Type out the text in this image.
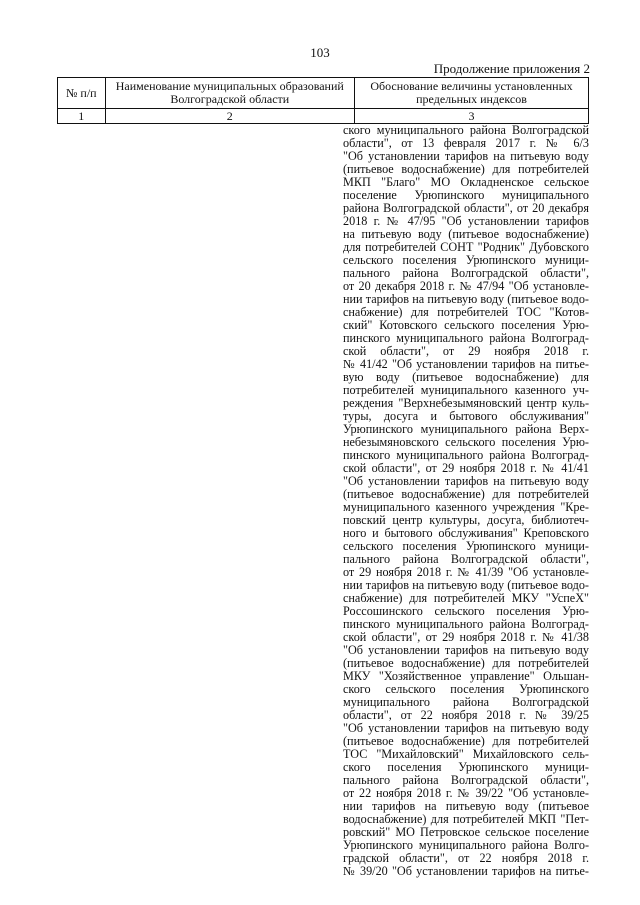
103
Продолжение приложения 2
№ п/п	Наименование муниципальных образований Волгоградской области	Обоснование величины установленных предельных индексов
1	2	3
ского муниципального района Волгоградской
области", от 13 февраля 2017 г. № 6/3
"Об установлении тарифов на питьевую воду
(питьевое водоснабжение) для потребителей
МКП "Благо" МО Окладненское сельское
поселение Урюпинского муниципального
района Волгоградской области", от 20 декабря
2018 г. № 47/95 "Об установлении тарифов
на питьевую воду (питьевое водоснабжение)
для потребителей СОНТ "Родник" Дубовского
сельского поселения Урюпинского муници-
пального района Волгоградской области",
от 20 декабря 2018 г. № 47/94 "Об установле-
нии тарифов на питьевую воду (питьевое водо-
снабжение) для потребителей ТОС "Котов-
ский" Котовского сельского поселения Урю-
пинского муниципального района Волгоград-
ской области", от 29 ноября 2018 г.
№ 41/42 "Об установлении тарифов на питье-
вую воду (питьевое водоснабжение) для
потребителей муниципального казенного уч-
реждения "Верхнебезымяновский центр куль-
туры, досуга и бытового обслуживания"
Урюпинского муниципального района Верх-
небезымяновского сельского поселения Урю-
пинского муниципального района Волгоград-
ской области", от 29 ноября 2018 г. № 41/41
"Об установлении тарифов на питьевую воду
(питьевое водоснабжение) для потребителей
муниципального казенного учреждения "Кре-
повский центр культуры, досуга, библиотеч-
ного и бытового обслуживания" Креповского
сельского поселения Урюпинского муници-
пального района Волгоградской области",
от 29 ноября 2018 г. № 41/39 "Об установле-
нии тарифов на питьевую воду (питьевое водо-
снабжение) для потребителей МКУ "УспеХ"
Россошинского сельского поселения Урю-
пинского муниципального района Волгоград-
ской области", от 29 ноября 2018 г. № 41/38
"Об установлении тарифов на питьевую воду
(питьевое водоснабжение) для потребителей
МКУ "Хозяйственное управление" Ольшан-
ского сельского поселения Урюпинского
муниципального района Волгоградской
области", от 22 ноября 2018 г. № 39/25
"Об установлении тарифов на питьевую воду
(питьевое водоснабжение) для потребителей
ТОС "Михайловский" Михайловского сель-
ского поселения Урюпинского муници-
пального района Волгоградской области",
от 22 ноября 2018 г. № 39/22 "Об установле-
нии тарифов на питьевую воду (питьевое
водоснабжение) для потребителей МКП "Пет-
ровский" МО Петровское сельское поселение
Урюпинского муниципального района Волго-
градской области", от 22 ноября 2018 г.
№ 39/20 "Об установлении тарифов на питье-
